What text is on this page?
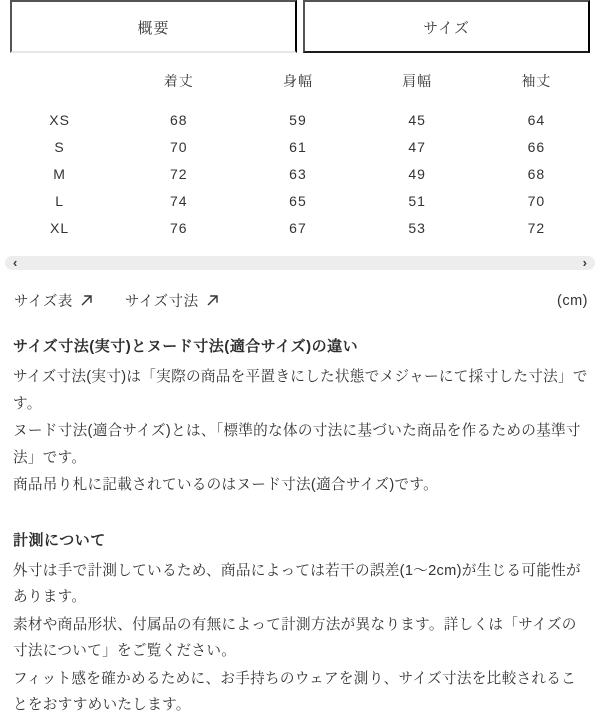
概要	サイズ
	着丈	身幅	肩幅	袖丈
XS	68	59	45	64
S	70	61	47	66
M	72	63	49	68
L	74	65	51	70
XL	76	67	53	72
‹	›
サイズ表	サイズ寸法	(cm)
サイズ寸法(実寸)とヌード寸法(適合サイズ)の違い

サイズ寸法(実寸)は「実際の商品を平置きにした状態でメジャーにて採寸した寸法」です。

ヌード寸法(適合サイズ)とは、「標準的な体の寸法に基づいた商品を作るための基準寸法」です。

商品吊り札に記載されているのはヌード寸法(適合サイズ)です。

計測について

外寸は手で計測しているため、商品によっては若干の誤差(1〜2cm)が生じる可能性があります。

素材や商品形状、付属品の有無によって計測方法が異なります。詳しくは「サイズの寸法について」をご覧ください。

フィット感を確かめるために、お手持ちのウェアを測り、サイズ寸法を比較されることをおすすめいたします。
